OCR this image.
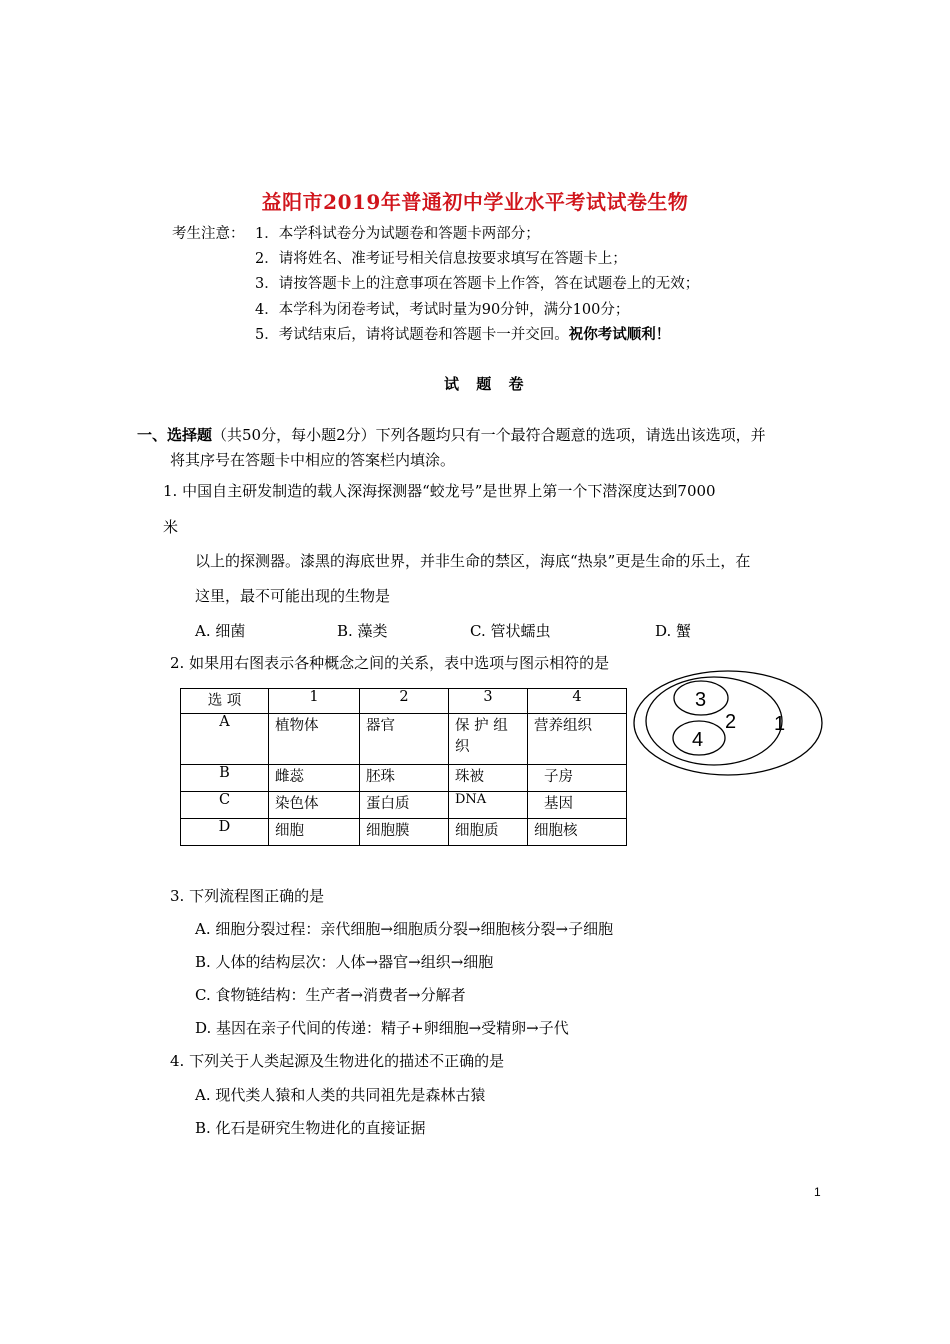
益阳市2019年普通初中学业水平考试试卷生物
考生注意： 1．本学科试卷分为试题卷和答题卡两部分；
2．请将姓名、准考证号相关信息按要求填写在答题卡上；
3．请按答题卡上的注意事项在答题卡上作答，答在试题卷上的无效；
4．本学科为闭卷考试，考试时量为90分钟，满分100分；
5．考试结束后，请将试题卷和答题卡一并交回。祝你考试顺利！
试 题 卷
一、选择题（共50分，每小题2分）下列各题均只有一个最符合题意的选项，请选出该选项，并
将其序号在答题卡中相应的答案栏内填涂。
1. 中国自主研发制造的载人深海探测器“蛟龙号”是世界上第一个下潜深度达到7000
米
以上的探测器。漆黑的海底世界，并非生命的禁区，海底“热泉”更是生命的乐土，在
这里，最不可能出现的生物是
A. 细菌	B. 藻类	C. 管状蠕虫	D. 蟹
2. 如果用右图表示各种概念之间的关系，表中选项与图示相符的是
选 项	1	2	3	4
A	植物体	器官	保 护 组织	营养组织
B	雌蕊	胚珠	珠被	子房
C	染色体	蛋白质	DNA	基因
D	细胞	细胞膜	细胞质	细胞核
1
2
3
4
3. 下列流程图正确的是
A. 细胞分裂过程：亲代细胞→细胞质分裂→细胞核分裂→子细胞
B. 人体的结构层次：人体→器官→组织→细胞
C. 食物链结构：生产者→消费者→分解者
D. 基因在亲子代间的传递：精子+卵细胞→受精卵→子代
4. 下列关于人类起源及生物进化的描述不正确的是
A. 现代类人猿和人类的共同祖先是森林古猿
B. 化石是研究生物进化的直接证据
1
